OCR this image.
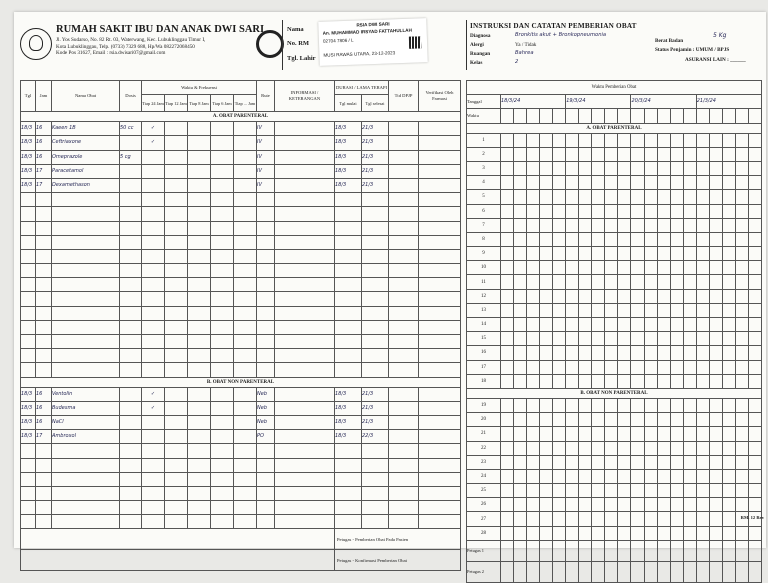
RUMAH SAKIT IBU DAN ANAK DWI SARI
Jl. Yos Sudarso, No. 82 Rt. 03, Waterwang, Kec. Lubuklinggau Timur I,
Kota Lubuklinggau, Telp. (0733) 7329 688, Hp/Wa 082272068450
Kode Pos 31627, Email : rsia.dwisari07@gmail.com
Nama
No. RM
Tgl. Lahir
RSIA DWI SARI
An. MUHAMMAD IRSYAD FATTAHULLAH
02704 7806 / L
MUSI RAWAS UTARA, 23-12-2023
INSTRUKSI DAN CATATAN PEMBERIAN OBAT
Diagnosa	Bronkitis akut + Bronkopneumonia
Alergi	Ya / Tidak
Ruangan	Bahrea
Kelas	2
Berat Badan
5 Kg
Status Penjamin : UMUM / BPJS
ASURANSI LAIN : ______
Tgl	Jam	Nama Obat	Dosis	Waktu & Frekuensi					Rute	INFORMASI / KETERANGAN	DURASI / LAMA TERAPI		Ttd DPJP	Verifikasi Oleh Farmasi
				Tiap 24 Jam	Tiap 12 Jam	Tiap 8 Jam	Tiap 6 Jam	Tiap ... Jam			Tgl mulai	Tgl selesai		
A. OBAT PARENTERAL														
18/3	16	Kaeen 1B	50 cc	✓					IV		18/3	21/3		
18/3	16	Ceftriaxone		✓					IV		18/3	21/3		
18/3	16	Omeprazole	5 cg						IV		18/3	21/3		
18/3	17	Paracetamol							IV		18/3	21/3		
18/3	17	Dexamethason							IV		18/3	21/3		

B. OBAT NON PARENTERAL														
18/3	16	Ventolin		✓					Neb		18/3	21/3		
18/3	16	Budesma		✓					Neb		18/3	21/3		
18/3	16	NaCl							Neb		18/3	21/3		
18/3	17	Ambroxol							PO		18/3	22/3		

											Petugas - Pemberian Obat Pada Pasien			
											Petugas - Konfirmasi Pemberian Obat			
Waktu Pemberian Obat																				
Tanggal	18/3/24					19/3/24					20/3/24					21/3/24				
Waktu																				
A. OBAT PARENTERAL																				
1																				
2																				
3																				
4																				
5																				
6																				
7																				
8																				
9																				
10																				
11																				
12																				
13																				
14																				
15																				
16																				
17																				
18																				
B. OBAT NON PARENTERAL																				
19																				
20																				
21																				
22																				
23																				
24																				
25																				
26																				
27																				
28																				
Petugas 1																				
Petugas 2																				
RM. 12 Rev
